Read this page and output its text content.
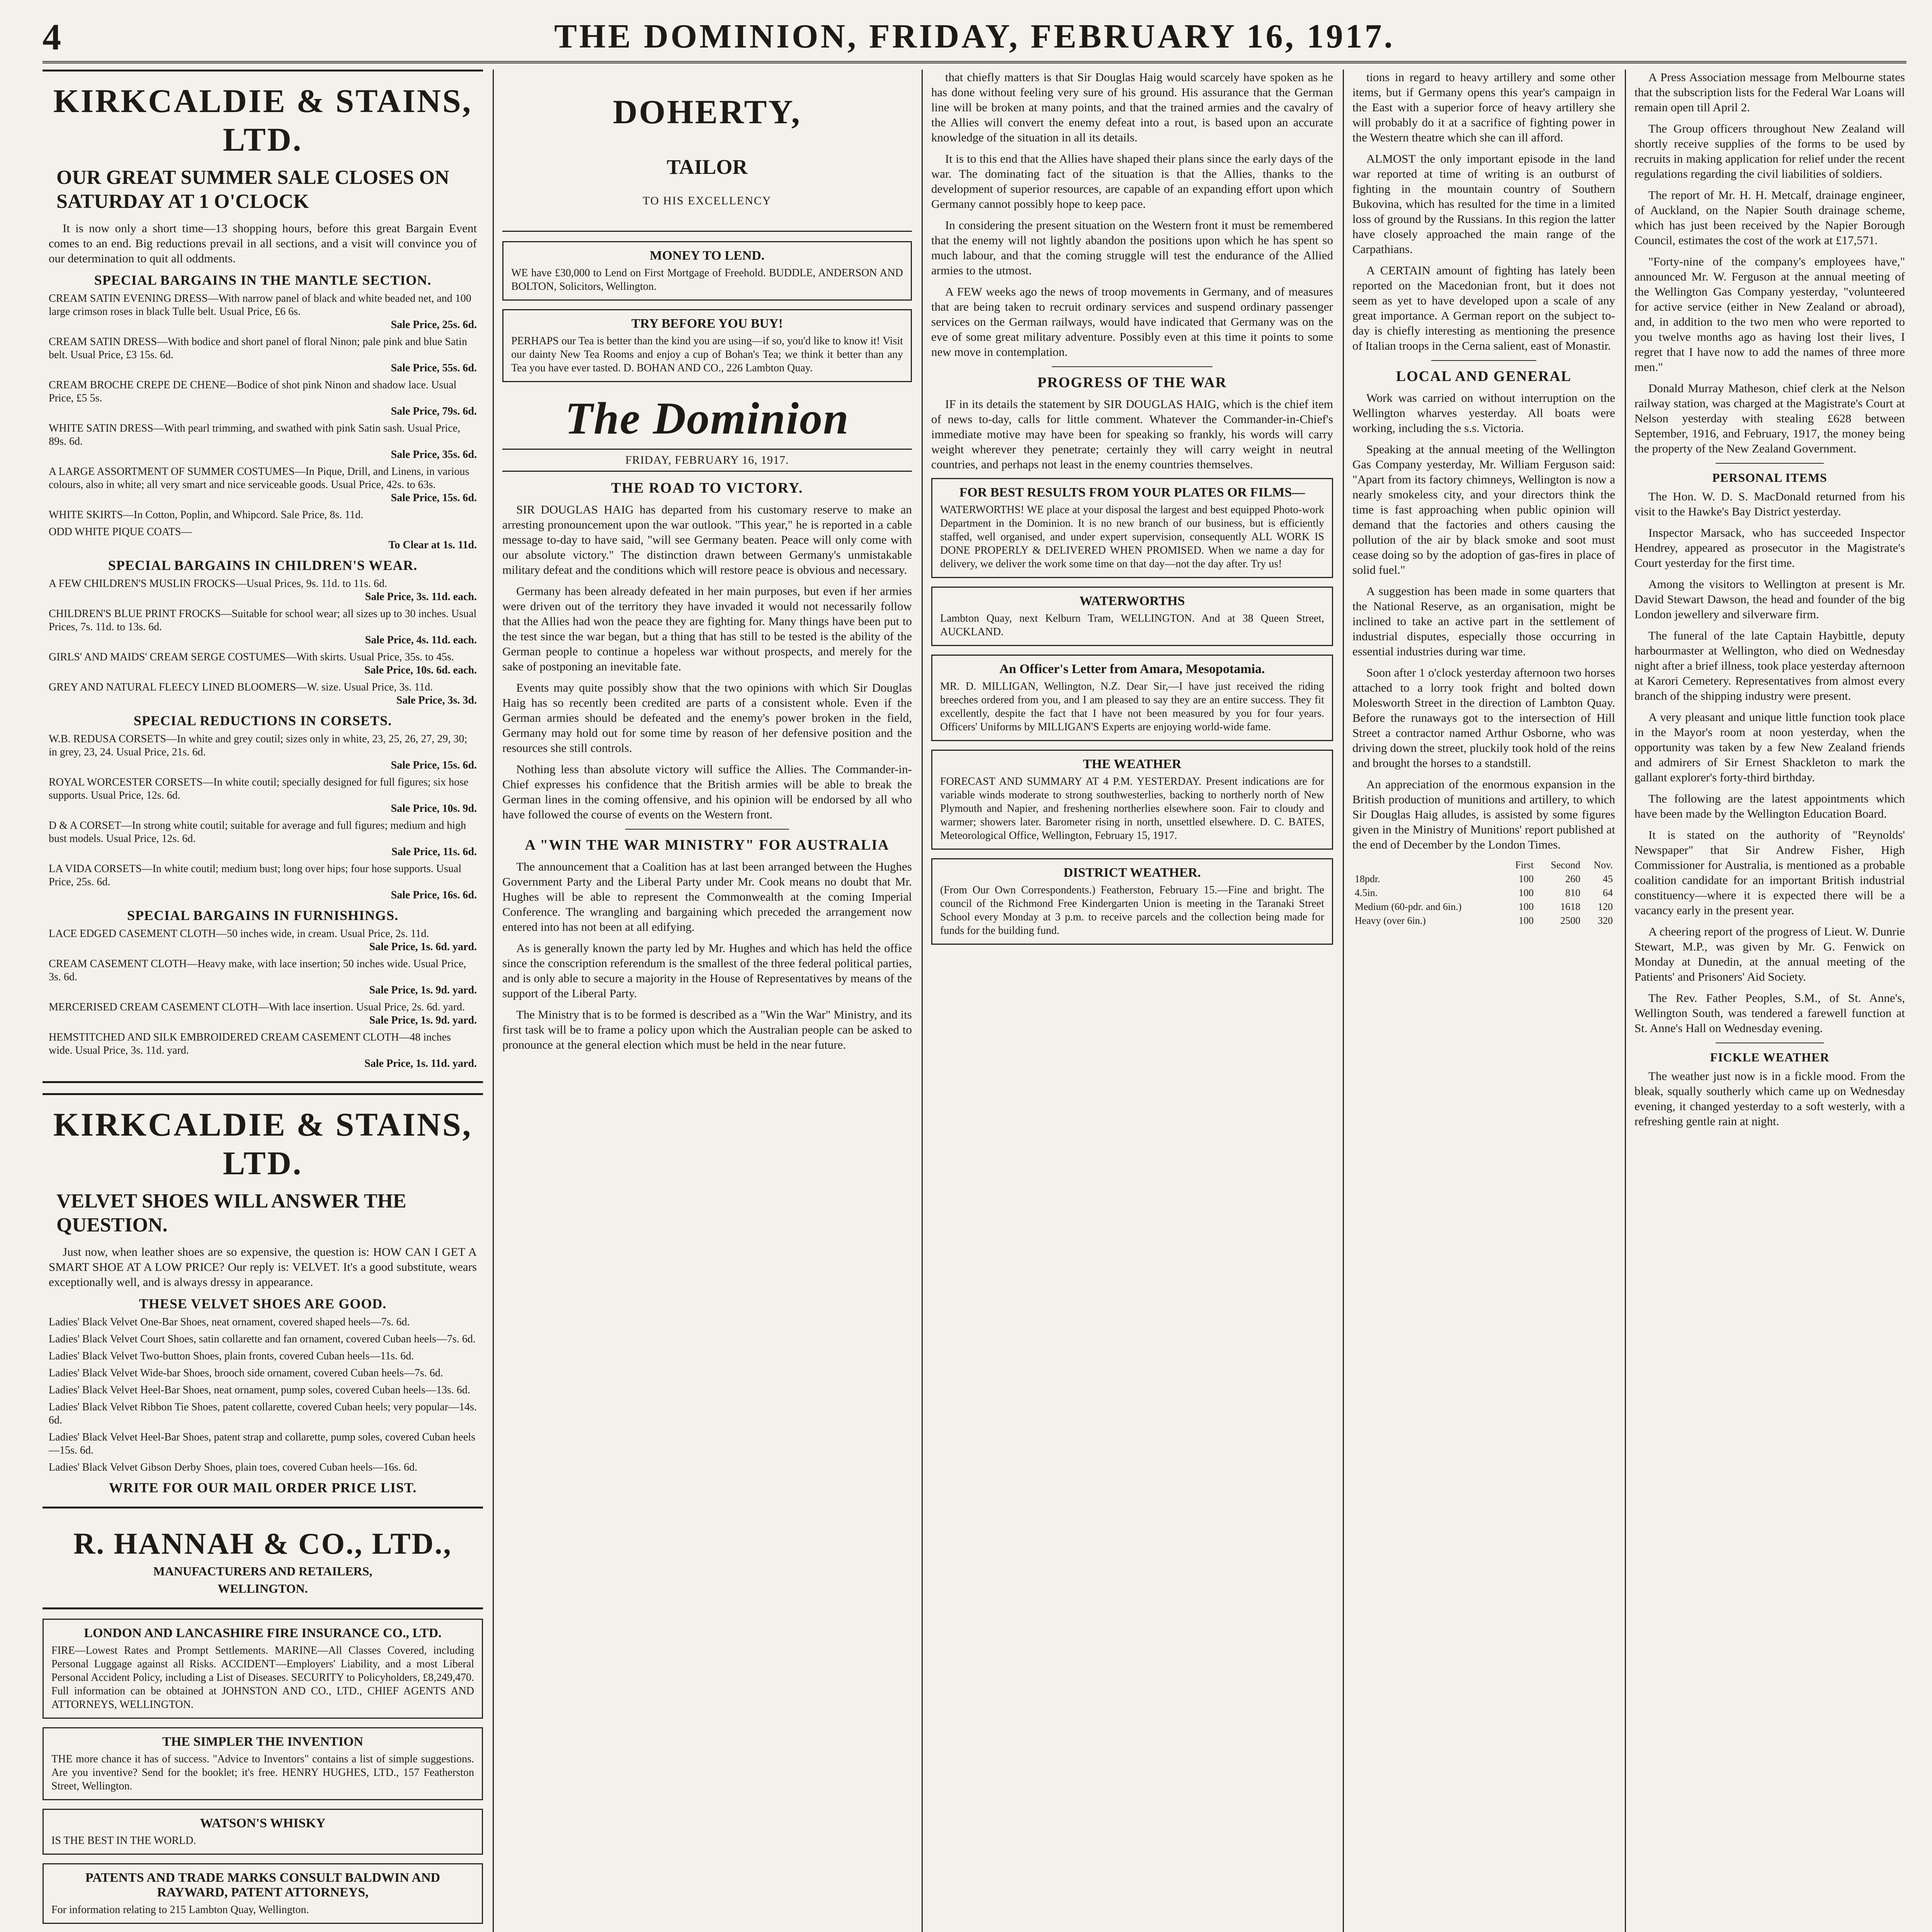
4	THE DOMINION, FRIDAY, FEBRUARY 16, 1917.
KIRKCALDIE & STAINS, LTD.
OUR GREAT SUMMER SALE CLOSES ON SATURDAY AT 1 O'CLOCK

It is now only a short time—13 shopping hours, before this great Bargain Event comes to an end. Big reductions prevail in all sections, and a visit will convince you of our determination to quit all oddments.

SPECIAL BARGAINS IN THE MANTLE SECTION.
CREAM SATIN EVENING DRESS—With narrow panel of black and white beaded net, and 100 large crimson roses in black Tulle belt. Usual Price, £6 6s.
Sale Price, 25s. 6d.
CREAM SATIN DRESS—With bodice and short panel of floral Ninon; pale pink and blue Satin belt. Usual Price, £3 15s. 6d.
Sale Price, 55s. 6d.
CREAM BROCHE CREPE DE CHENE—Bodice of shot pink Ninon and shadow lace. Usual Price, £5 5s.
Sale Price, 79s. 6d.
WHITE SATIN DRESS—With pearl trimming, and swathed with pink Satin sash. Usual Price, 89s. 6d.
Sale Price, 35s. 6d.
A LARGE ASSORTMENT OF SUMMER COSTUMES—In Pique, Drill, and Linens, in various colours, also in white; all very smart and nice serviceable goods. Usual Price, 42s. to 63s.
Sale Price, 15s. 6d.
WHITE SKIRTS—In Cotton, Poplin, and Whipcord. Sale Price, 8s. 11d.
ODD WHITE PIQUE COATS—
To Clear at 1s. 11d.
SPECIAL BARGAINS IN CHILDREN'S WEAR.
A FEW CHILDREN'S MUSLIN FROCKS—Usual Prices, 9s. 11d. to 11s. 6d.
Sale Price, 3s. 11d. each.
CHILDREN'S BLUE PRINT FROCKS—Suitable for school wear; all sizes up to 30 inches. Usual Prices, 7s. 11d. to 13s. 6d.
Sale Price, 4s. 11d. each.
GIRLS' AND MAIDS' CREAM SERGE COSTUMES—With skirts. Usual Price, 35s. to 45s.
Sale Price, 10s. 6d. each.
GREY AND NATURAL FLEECY LINED BLOOMERS—W. size. Usual Price, 3s. 11d.
Sale Price, 3s. 3d.
SPECIAL REDUCTIONS IN CORSETS.
W.B. REDUSA CORSETS—In white and grey coutil; sizes only in white, 23, 25, 26, 27, 29, 30; in grey, 23, 24. Usual Price, 21s. 6d.
Sale Price, 15s. 6d.
ROYAL WORCESTER CORSETS—In white coutil; specially designed for full figures; six hose supports. Usual Price, 12s. 6d.
Sale Price, 10s. 9d.
D & A CORSET—In strong white coutil; suitable for average and full figures; medium and high bust models. Usual Price, 12s. 6d.
Sale Price, 11s. 6d.
LA VIDA CORSETS—In white coutil; medium bust; long over hips; four hose supports. Usual Price, 25s. 6d.
Sale Price, 16s. 6d.
SPECIAL BARGAINS IN FURNISHINGS.
LACE EDGED CASEMENT CLOTH—50 inches wide, in cream. Usual Price, 2s. 11d.
Sale Price, 1s. 6d. yard.
CREAM CASEMENT CLOTH—Heavy make, with lace insertion; 50 inches wide. Usual Price, 3s. 6d.
Sale Price, 1s. 9d. yard.
MERCERISED CREAM CASEMENT CLOTH—With lace insertion. Usual Price, 2s. 6d. yard.
Sale Price, 1s. 9d. yard.
HEMSTITCHED AND SILK EMBROIDERED CREAM CASEMENT CLOTH—48 inches wide. Usual Price, 3s. 11d. yard.
Sale Price, 1s. 11d. yard.
KIRKCALDIE & STAINS, LTD.
VELVET SHOES WILL ANSWER THE QUESTION.

Just now, when leather shoes are so expensive, the question is: HOW CAN I GET A SMART SHOE AT A LOW PRICE? Our reply is: VELVET. It's a good substitute, wears exceptionally well, and is always dressy in appearance.

THESE VELVET SHOES ARE GOOD.
Ladies' Black Velvet One-Bar Shoes, neat ornament, covered shaped heels—7s. 6d.
Ladies' Black Velvet Court Shoes, satin collarette and fan ornament, covered Cuban heels—7s. 6d.
Ladies' Black Velvet Two-button Shoes, plain fronts, covered Cuban heels—11s. 6d.
Ladies' Black Velvet Wide-bar Shoes, brooch side ornament, covered Cuban heels—7s. 6d.
Ladies' Black Velvet Heel-Bar Shoes, neat ornament, pump soles, covered Cuban heels—13s. 6d.
Ladies' Black Velvet Ribbon Tie Shoes, patent collarette, covered Cuban heels; very popular—14s. 6d.
Ladies' Black Velvet Heel-Bar Shoes, patent strap and collarette, pump soles, covered Cuban heels—15s. 6d.
Ladies' Black Velvet Gibson Derby Shoes, plain toes, covered Cuban heels—16s. 6d.
WRITE FOR OUR MAIL ORDER PRICE LIST.
R. HANNAH & CO., LTD.,
MANUFACTURERS AND RETAILERS,
WELLINGTON.
LONDON AND LANCASHIRE FIRE INSURANCE CO., LTD.
FIRE—Lowest Rates and Prompt Settlements. MARINE—All Classes Covered, including Personal Luggage against all Risks. ACCIDENT—Employers' Liability, and a most Liberal Personal Accident Policy, including a List of Diseases. SECURITY to Policyholders, £8,249,470. Full information can be obtained at JOHNSTON AND CO., LTD., CHIEF AGENTS AND ATTORNEYS, WELLINGTON.
THE SIMPLER THE INVENTION
THE more chance it has of success. "Advice to Inventors" contains a list of simple suggestions. Are you inventive? Send for the booklet; it's free. HENRY HUGHES, LTD., 157 Featherston Street, Wellington.
WATSON'S WHISKY
IS THE BEST IN THE WORLD.
PATENTS AND TRADE MARKS CONSULT BALDWIN AND RAYWARD, PATENT ATTORNEYS,
For information relating to 215 Lambton Quay, Wellington.
DOHERTY,
TAILOR
TO HIS EXCELLENCY
MONEY TO LEND.
WE have £30,000 to Lend on First Mortgage of Freehold. BUDDLE, ANDERSON AND BOLTON, Solicitors, Wellington.
TRY BEFORE YOU BUY!
PERHAPS our Tea is better than the kind you are using—if so, you'd like to know it! Visit our dainty New Tea Rooms and enjoy a cup of Bohan's Tea; we think it better than any Tea you have ever tasted. D. BOHAN AND CO., 226 Lambton Quay.
The Dominion
FRIDAY, FEBRUARY 16, 1917.
THE ROAD TO VICTORY.

SIR DOUGLAS HAIG has departed from his customary reserve to make an arresting pronouncement upon the war outlook. "This year," he is reported in a cable message to-day to have said, "will see Germany beaten. Peace will only come with our absolute victory." The distinction drawn between Germany's unmistakable military defeat and the conditions which will restore peace is obvious and necessary.

Germany has been already defeated in her main purposes, but even if her armies were driven out of the territory they have invaded it would not necessarily follow that the Allies had won the peace they are fighting for. Many things have been put to the test since the war began, but a thing that has still to be tested is the ability of the German people to continue a hopeless war without prospects, and merely for the sake of postponing an inevitable fate.

Events may quite possibly show that the two opinions with which Sir Douglas Haig has so recently been credited are parts of a consistent whole. Even if the German armies should be defeated and the enemy's power broken in the field, Germany may hold out for some time by reason of her defensive position and the resources she still controls.

Nothing less than absolute victory will suffice the Allies. The Commander-in-Chief expresses his confidence that the British armies will be able to break the German lines in the coming offensive, and his opinion will be endorsed by all who have followed the course of events on the Western front.

A "WIN THE WAR MINISTRY" FOR AUSTRALIA

The announcement that a Coalition has at last been arranged between the Hughes Government Party and the Liberal Party under Mr. Cook means no doubt that Mr. Hughes will be able to represent the Commonwealth at the coming Imperial Conference. The wrangling and bargaining which preceded the arrangement now entered into has not been at all edifying.

As is generally known the party led by Mr. Hughes and which has held the office since the conscription referendum is the smallest of the three federal political parties, and is only able to secure a majority in the House of Representatives by means of the support of the Liberal Party.

The Ministry that is to be formed is described as a "Win the War" Ministry, and its first task will be to frame a policy upon which the Australian people can be asked to pronounce at the general election which must be held in the near future.

that chiefly matters is that Sir Douglas Haig would scarcely have spoken as he has done without feeling very sure of his ground. His assurance that the German line will be broken at many points, and that the trained armies and the cavalry of the Allies will convert the enemy defeat into a rout, is based upon an accurate knowledge of the situation in all its details.

It is to this end that the Allies have shaped their plans since the early days of the war. The dominating fact of the situation is that the Allies, thanks to the development of superior resources, are capable of an expanding effort upon which Germany cannot possibly hope to keep pace.

In considering the present situation on the Western front it must be remembered that the enemy will not lightly abandon the positions upon which he has spent so much labour, and that the coming struggle will test the endurance of the Allied armies to the utmost.

A FEW weeks ago the news of troop movements in Germany, and of measures that are being taken to recruit ordinary services and suspend ordinary passenger services on the German railways, would have indicated that Germany was on the eve of some great military adventure. Possibly even at this time it points to some new move in contemplation.

PROGRESS OF THE WAR

IF in its details the statement by SIR DOUGLAS HAIG, which is the chief item of news to-day, calls for little comment. Whatever the Commander-in-Chief's immediate motive may have been for speaking so frankly, his words will carry weight wherever they penetrate; certainly they will carry weight in neutral countries, and perhaps not least in the enemy countries themselves.

FOR BEST RESULTS FROM YOUR PLATES OR FILMS—
WATERWORTHS! WE place at your disposal the largest and best equipped Photo-work Department in the Dominion. It is no new branch of our business, but is efficiently staffed, well organised, and under expert supervision, consequently ALL WORK IS DONE PROPERLY & DELIVERED WHEN PROMISED. When we name a day for delivery, we deliver the work some time on that day—not the day after. Try us!
WATERWORTHS
Lambton Quay, next Kelburn Tram, WELLINGTON. And at 38 Queen Street, AUCKLAND.
An Officer's Letter from Amara, Mesopotamia.
MR. D. MILLIGAN, Wellington, N.Z. Dear Sir,—I have just received the riding breeches ordered from you, and I am pleased to say they are an entire success. They fit excellently, despite the fact that I have not been measured by you for four years. Officers' Uniforms by MILLIGAN'S Experts are enjoying world-wide fame.
THE WEATHER
FORECAST AND SUMMARY AT 4 P.M. YESTERDAY. Present indications are for variable winds moderate to strong southwesterlies, backing to northerly north of New Plymouth and Napier, and freshening northerlies elsewhere soon. Fair to cloudy and warmer; showers later. Barometer rising in north, unsettled elsewhere. D. C. BATES, Meteorological Office, Wellington, February 15, 1917.
DISTRICT WEATHER.
(From Our Own Correspondents.) Featherston, February 15.—Fine and bright. The council of the Richmond Free Kindergarten Union is meeting in the Taranaki Street School every Monday at 3 p.m. to receive parcels and the collection being made for funds for the building fund.

tions in regard to heavy artillery and some other items, but if Germany opens this year's campaign in the East with a superior force of heavy artillery she will probably do it at a sacrifice of fighting power in the Western theatre which she can ill afford.

ALMOST the only important episode in the land war reported at time of writing is an outburst of fighting in the mountain country of Southern Bukovina, which has resulted for the time in a limited loss of ground by the Russians. In this region the latter have closely approached the main range of the Carpathians.

A CERTAIN amount of fighting has lately been reported on the Macedonian front, but it does not seem as yet to have developed upon a scale of any great importance. A German report on the subject to-day is chiefly interesting as mentioning the presence of Italian troops in the Cerna salient, east of Monastir.

LOCAL AND GENERAL

Work was carried on without interruption on the Wellington wharves yesterday. All boats were working, including the s.s. Victoria.

Speaking at the annual meeting of the Wellington Gas Company yesterday, Mr. William Ferguson said: "Apart from its factory chimneys, Wellington is now a nearly smokeless city, and your directors think the time is fast approaching when public opinion will demand that the factories and others causing the pollution of the air by black smoke and soot must cease doing so by the adoption of gas-fires in place of solid fuel."

A suggestion has been made in some quarters that the National Reserve, as an organisation, might be inclined to take an active part in the settlement of industrial disputes, especially those occurring in essential industries during war time.

Soon after 1 o'clock yesterday afternoon two horses attached to a lorry took fright and bolted down Molesworth Street in the direction of Lambton Quay. Before the runaways got to the intersection of Hill Street a contractor named Arthur Osborne, who was driving down the street, pluckily took hold of the reins and brought the horses to a standstill.

An appreciation of the enormous expansion in the British production of munitions and artillery, to which Sir Douglas Haig alludes, is assisted by some figures given in the Ministry of Munitions' report published at the end of December by the London Times.

	First	Second	Nov.
18pdr.	100	260	45
4.5in.	100	810	64
Medium (60-pdr. and 6in.)	100	1618	120
Heavy (over 6in.)	100	2500	320

A Press Association message from Melbourne states that the subscription lists for the Federal War Loans will remain open till April 2.

The Group officers throughout New Zealand will shortly receive supplies of the forms to be used by recruits in making application for relief under the recent regulations regarding the civil liabilities of soldiers.

The report of Mr. H. H. Metcalf, drainage engineer, of Auckland, on the Napier South drainage scheme, which has just been received by the Napier Borough Council, estimates the cost of the work at £17,571.

"Forty-nine of the company's employees have," announced Mr. W. Ferguson at the annual meeting of the Wellington Gas Company yesterday, "volunteered for active service (either in New Zealand or abroad), and, in addition to the two men who were reported to you twelve months ago as having lost their lives, I regret that I have now to add the names of three more men."

Donald Murray Matheson, chief clerk at the Nelson railway station, was charged at the Magistrate's Court at Nelson yesterday with stealing £628 between September, 1916, and February, 1917, the money being the property of the New Zealand Government.

PERSONAL ITEMS

The Hon. W. D. S. MacDonald returned from his visit to the Hawke's Bay District yesterday.

Inspector Marsack, who has succeeded Inspector Hendrey, appeared as prosecutor in the Magistrate's Court yesterday for the first time.

Among the visitors to Wellington at present is Mr. David Stewart Dawson, the head and founder of the big London jewellery and silverware firm.

The funeral of the late Captain Haybittle, deputy harbourmaster at Wellington, who died on Wednesday night after a brief illness, took place yesterday afternoon at Karori Cemetery. Representatives from almost every branch of the shipping industry were present.

A very pleasant and unique little function took place in the Mayor's room at noon yesterday, when the opportunity was taken by a few New Zealand friends and admirers of Sir Ernest Shackleton to mark the gallant explorer's forty-third birthday.

The following are the latest appointments which have been made by the Wellington Education Board.

It is stated on the authority of "Reynolds' Newspaper" that Sir Andrew Fisher, High Commissioner for Australia, is mentioned as a probable coalition candidate for an important British industrial constituency—where it is expected there will be a vacancy early in the present year.

A cheering report of the progress of Lieut. W. Dunrie Stewart, M.P., was given by Mr. G. Fenwick on Monday at Dunedin, at the annual meeting of the Patients' and Prisoners' Aid Society.

The Rev. Father Peoples, S.M., of St. Anne's, Wellington South, was tendered a farewell function at St. Anne's Hall on Wednesday evening.

FICKLE WEATHER

The weather just now is in a fickle mood. From the bleak, squally southerly which came up on Wednesday evening, it changed yesterday to a soft westerly, with a refreshing gentle rain at night.
